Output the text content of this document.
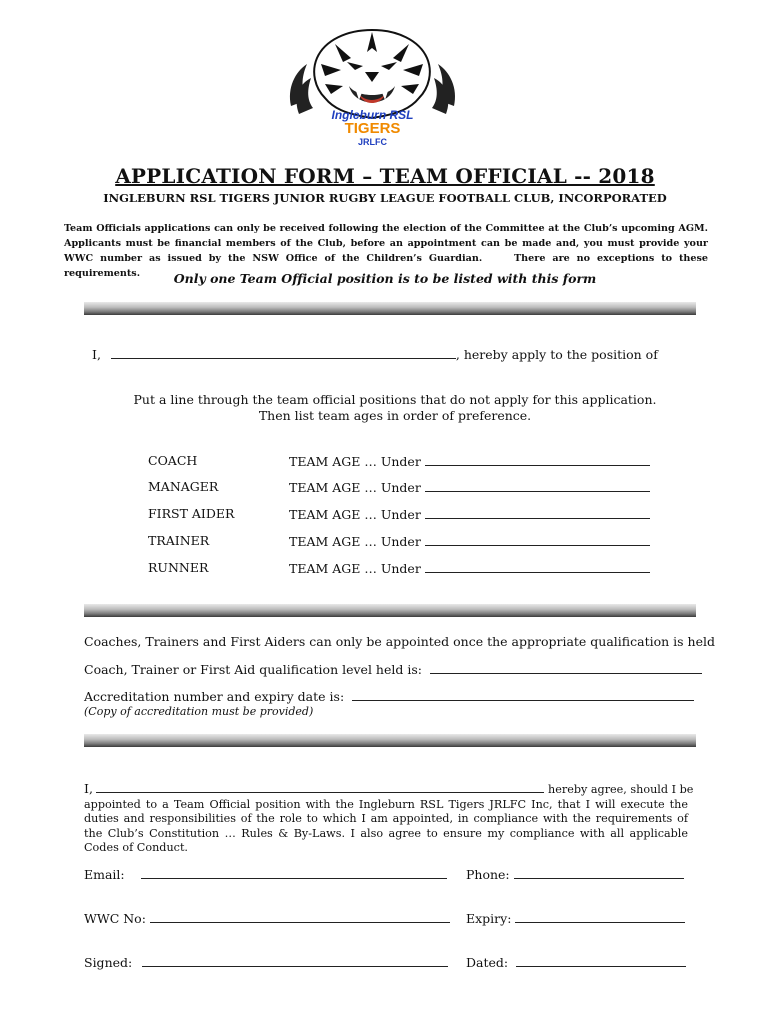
Ingleburn RSL
TIGERS
JRLFC
APPLICATION FORM – TEAM OFFICIAL -- 2018
INGLEBURN RSL TIGERS JUNIOR RUGBY LEAGUE FOOTBALL CLUB, INCORPORATED
Team Officials applications can only be received following the election of the Committee at the Club’s upcoming AGM. Applicants must be financial members of the Club, before an appointment can be made and, you must provide your WWC number as issued by the NSW Office of the Children’s Guardian.	There are no exceptions to these requirements.	Only one Team Official position is to be listed with this form
I,	, hereby apply to the position of
Put a line through the team official positions that do not apply for this application.
Then list team ages in order of preference.
COACH	TEAM AGE … Under
MANAGER	TEAM AGE … Under
FIRST AIDER	TEAM AGE … Under
TRAINER	TEAM AGE … Under
RUNNER	TEAM AGE … Under
Coaches, Trainers and First Aiders can only be appointed once the appropriate qualification is held
Coach, Trainer or First Aid qualification level held is:
Accreditation number and expiry date is:
(Copy of accreditation must be provided)
I,	hereby agree, should I be
appointed to a Team Official position with the Ingleburn RSL Tigers JRLFC Inc, that I will execute the duties and responsibilities of the role to which I am appointed, in compliance with the requirements of the Club’s Constitution … Rules & By-Laws. I also agree to ensure my compliance with all applicable Codes of Conduct.
Email:	Phone:
WWC No:	Expiry:
Signed:	Dated:
